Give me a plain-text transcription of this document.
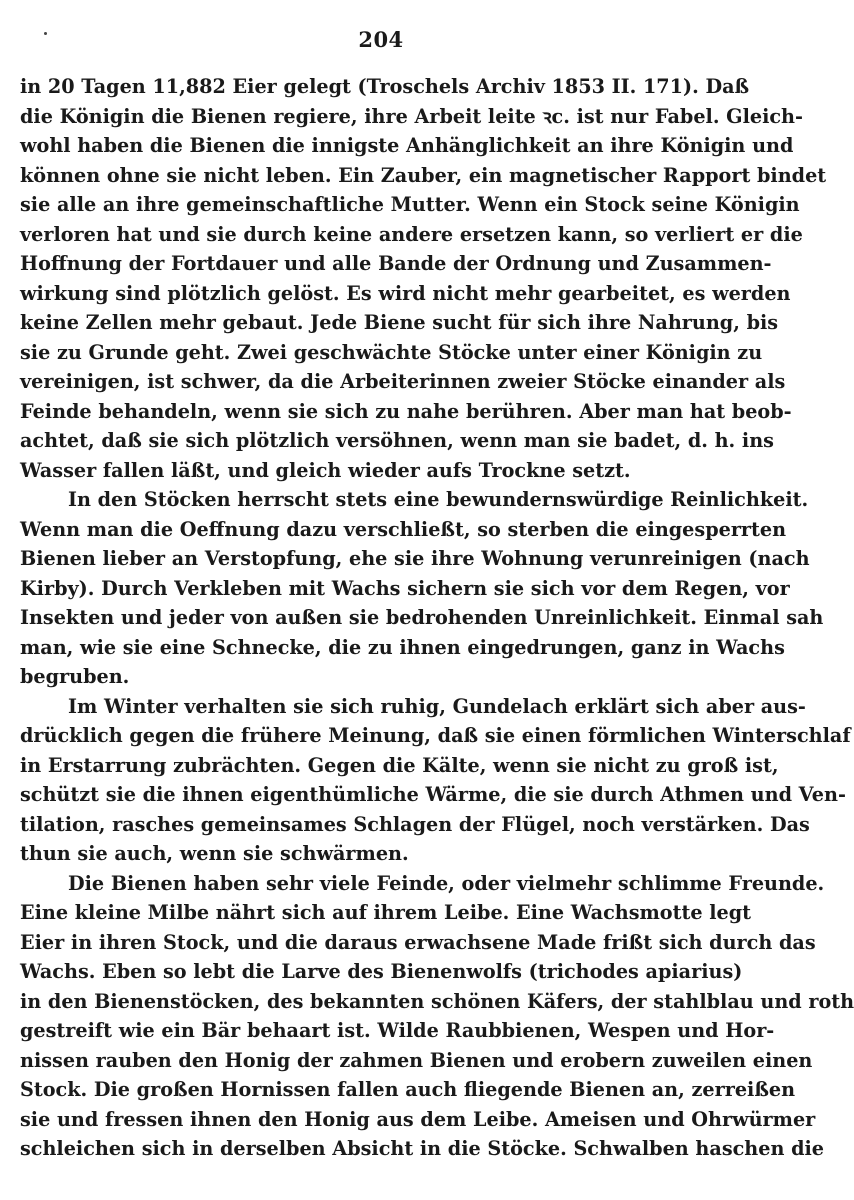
204
in 20 Tagen 11,882 Eier gelegt (Troschels Archiv 1853 II. 171). Daß
die Königin die Bienen regiere, ihre Arbeit leite ꝛc. ist nur Fabel. Gleich-
wohl haben die Bienen die innigste Anhänglichkeit an ihre Königin und
können ohne sie nicht leben. Ein Zauber, ein magnetischer Rapport bindet
sie alle an ihre gemeinschaftliche Mutter. Wenn ein Stock seine Königin
verloren hat und sie durch keine andere ersetzen kann, so verliert er die
Hoffnung der Fortdauer und alle Bande der Ordnung und Zusammen-
wirkung sind plötzlich gelöst. Es wird nicht mehr gearbeitet, es werden
keine Zellen mehr gebaut. Jede Biene sucht für sich ihre Nahrung, bis
sie zu Grunde geht. Zwei geschwächte Stöcke unter einer Königin zu
vereinigen, ist schwer, da die Arbeiterinnen zweier Stöcke einander als
Feinde behandeln, wenn sie sich zu nahe berühren. Aber man hat beob-
achtet, daß sie sich plötzlich versöhnen, wenn man sie badet, d. h. ins
Wasser fallen läßt, und gleich wieder aufs Trockne setzt.
In den Stöcken herrscht stets eine bewundernswürdige Reinlichkeit.
Wenn man die Oeffnung dazu verschließt, so sterben die eingesperrten
Bienen lieber an Verstopfung, ehe sie ihre Wohnung verunreinigen (nach
Kirby). Durch Verkleben mit Wachs sichern sie sich vor dem Regen, vor
Insekten und jeder von außen sie bedrohenden Unreinlichkeit. Einmal sah
man, wie sie eine Schnecke, die zu ihnen eingedrungen, ganz in Wachs
begruben.
Im Winter verhalten sie sich ruhig, Gundelach erklärt sich aber aus-
drücklich gegen die frühere Meinung, daß sie einen förmlichen Winterschlaf
in Erstarrung zubrächten. Gegen die Kälte, wenn sie nicht zu groß ist,
schützt sie die ihnen eigenthümliche Wärme, die sie durch Athmen und Ven-
tilation, rasches gemeinsames Schlagen der Flügel, noch verstärken. Das
thun sie auch, wenn sie schwärmen.
Die Bienen haben sehr viele Feinde, oder vielmehr schlimme Freunde.
Eine kleine Milbe nährt sich auf ihrem Leibe. Eine Wachsmotte legt
Eier in ihren Stock, und die daraus erwachsene Made frißt sich durch das
Wachs. Eben so lebt die Larve des Bienenwolfs (trichodes apiarius)
in den Bienenstöcken, des bekannten schönen Käfers, der stahlblau und roth
gestreift wie ein Bär behaart ist. Wilde Raubbienen, Wespen und Hor-
nissen rauben den Honig der zahmen Bienen und erobern zuweilen einen
Stock. Die großen Hornissen fallen auch fliegende Bienen an, zerreißen
sie und fressen ihnen den Honig aus dem Leibe. Ameisen und Ohrwürmer
schleichen sich in derselben Absicht in die Stöcke. Schwalben haschen die
